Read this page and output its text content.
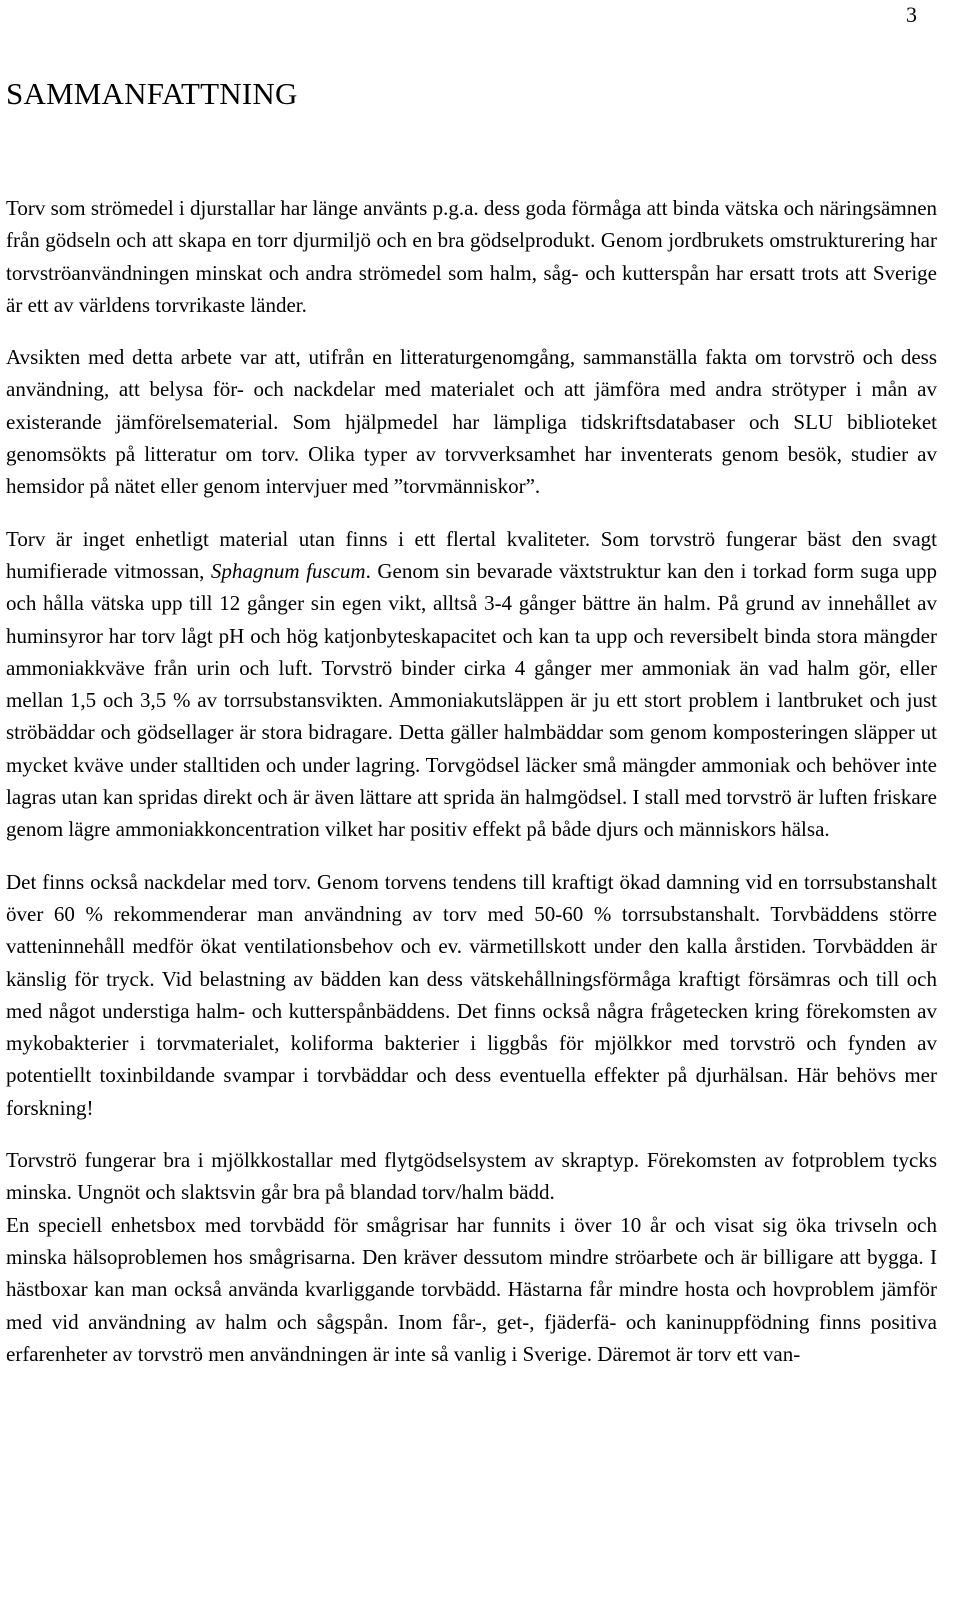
3
SAMMANFATTNING

Torv som strömedel i djurstallar har länge använts p.g.a. dess goda förmåga att binda vätska och näringsämnen från gödseln och att skapa en torr djurmiljö och en bra gödselprodukt. Genom jordbrukets omstrukturering har torvströanvändningen minskat och andra strömedel som halm, såg- och kutterspån har ersatt trots att Sverige är ett av världens torvrikaste länder.

Avsikten med detta arbete var att, utifrån en litteraturgenomgång, sammanställa fakta om torvströ och dess användning, att belysa för- och nackdelar med materialet och att jämföra med andra strötyper i mån av existerande jämförelsematerial. Som hjälpmedel har lämpliga tidskriftsdatabaser och SLU biblioteket genomsökts på litteratur om torv. Olika typer av torvverksamhet har inventerats genom besök, studier av hemsidor på nätet eller genom intervjuer med ”torvmänniskor”.

Torv är inget enhetligt material utan finns i ett flertal kvaliteter. Som torvströ fungerar bäst den svagt humifierade vitmossan, Sphagnum fuscum. Genom sin bevarade växtstruktur kan den i torkad form suga upp och hålla vätska upp till 12 gånger sin egen vikt, alltså 3-4 gånger bättre än halm. På grund av innehållet av huminsyror har torv lågt pH och hög katjonbyteskapacitet och kan ta upp och reversibelt binda stora mängder ammoniakkväve från urin och luft. Torvströ binder cirka 4 gånger mer ammoniak än vad halm gör, eller mellan 1,5 och 3,5 % av torrsubstansvikten. Ammoniakutsläppen är ju ett stort problem i lantbruket och just ströbäddar och gödsellager är stora bidragare. Detta gäller halmbäddar som genom komposteringen släpper ut mycket kväve under stalltiden och under lagring. Torvgödsel läcker små mängder ammoniak och behöver inte lagras utan kan spridas direkt och är även lättare att sprida än halmgödsel. I stall med torvströ är luften friskare genom lägre ammoniakkoncentration vilket har positiv effekt på både djurs och människors hälsa.

Det finns också nackdelar med torv. Genom torvens tendens till kraftigt ökad damning vid en torrsubstanshalt över 60 % rekommenderar man användning av torv med 50-60 % torrsubstanshalt. Torvbäddens större vatteninnehåll medför ökat ventilationsbehov och ev. värmetillskott under den kalla årstiden. Torvbädden är känslig för tryck. Vid belastning av bädden kan dess vätskehållningsförmåga kraftigt försämras och till och med något understiga halm- och kutterspånbäddens. Det finns också några frågetecken kring förekomsten av mykobakterier i torvmaterialet, koliforma bakterier i liggbås för mjölkkor med torvströ och fynden av potentiellt toxinbildande svampar i torvbäddar och dess eventuella effekter på djurhälsan. Här behövs mer forskning!

Torvströ fungerar bra i mjölkkostallar med flytgödselsystem av skraptyp. Förekomsten av fotproblem tycks minska. Ungnöt och slaktsvin går bra på blandad torv/halm bädd.

En speciell enhetsbox med torvbädd för smågrisar har funnits i över 10 år och visat sig öka trivseln och minska hälsoproblemen hos smågrisarna. Den kräver dessutom mindre ströarbete och är billigare att bygga. I hästboxar kan man också använda kvarliggande torvbädd. Hästarna får mindre hosta och hovproblem jämför med vid användning av halm och sågspån. Inom får-, get-, fjäderfä- och kaninuppfödning finns positiva erfarenheter av torvströ men användningen är inte så vanlig i Sverige. Däremot är torv ett van-
